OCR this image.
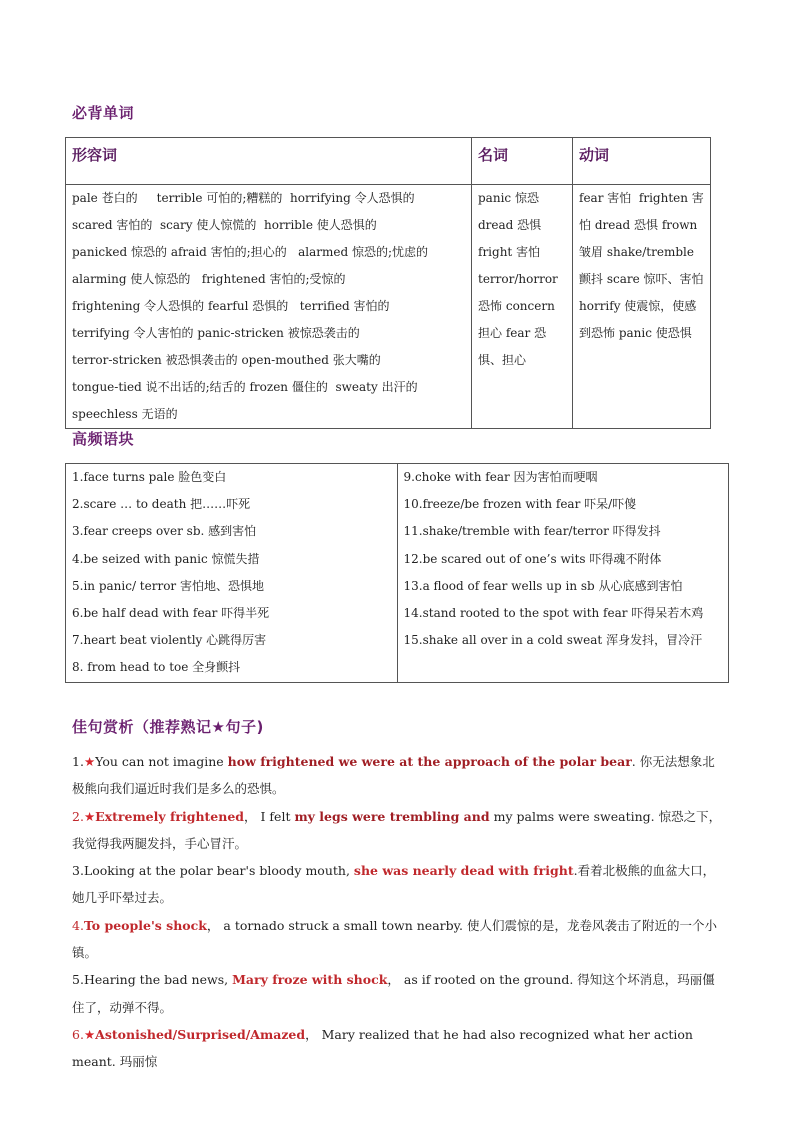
必背单词
形容词	名词	动词
pale 苍白的 terrible 可怕的;糟糕的 horrifying 令人恐惧的 scared 害怕的 scary 使人惊慌的 horrible 使人恐惧的 panicked 惊恐的 afraid 害怕的;担心的 alarmed 惊恐的;忧虑的 alarming 使人惊恐的 frightened 害怕的;受惊的   frightening 令人恐惧的 fearful 恐惧的 terrified 害怕的   terrifying 令人害怕的 panic-stricken 被惊恐袭击的   terror-stricken 被恐惧袭击的 open-mouthed 张大嘴的   tongue-tied 说不出话的;结舌的 frozen 僵住的 sweaty 出汗的   speechless 无语的	panic 惊恐 dread 恐惧 fright 害怕 terror/horror 恐怖 concern 担心 fear 恐惧、担心	fear 害怕 frighten 害怕 dread 恐惧 frown 皱眉 shake/tremble 颤抖 scare 惊吓、害怕 horrify 使震惊，使感到恐怖 panic 使恐惧
高频语块
1.face turns pale 脸色变白
2.scare … to death 把……吓死
3.fear creeps over sb. 感到害怕
4.be seized with panic 惊慌失措
5.in panic/ terror 害怕地、恐惧地
6.be half dead with fear 吓得半死
7.heart beat violently 心跳得厉害
8. from head to toe 全身颤抖

9.choke with fear 因为害怕而哽咽
10.freeze/be frozen with fear 吓呆/吓傻
11.shake/tremble with fear/terror 吓得发抖
12.be scared out of one’s wits 吓得魂不附体
13.a flood of fear wells up in sb 从心底感到害怕
14.stand rooted to the spot with fear 吓得呆若木鸡
15.shake all over in a cold sweat 浑身发抖，冒冷汗
佳句赏析（推荐熟记★句子)
1.★You can not imagine how frightened we were at the approach of the polar bear. 你无法想象北极熊向我们逼近时我们是多么的恐惧。
2.★Extremely frightened， I felt my legs were trembling and my palms were sweating. 惊恐之下，我觉得我两腿发抖，手心冒汗。
3.Looking at the polar bear's bloody mouth, she was nearly dead with fright.看着北极熊的血盆大口，她几乎吓晕过去。
4.To people's shock， a tornado struck a small town nearby. 使人们震惊的是，龙卷风袭击了附近的一个小镇。
5.Hearing the bad news, Mary froze with shock， as if rooted on the ground. 得知这个坏消息，玛丽僵住了，动弹不得。
6.★Astonished/Surprised/Amazed， Mary realized that he had also recognized what her action meant. 玛丽惊
